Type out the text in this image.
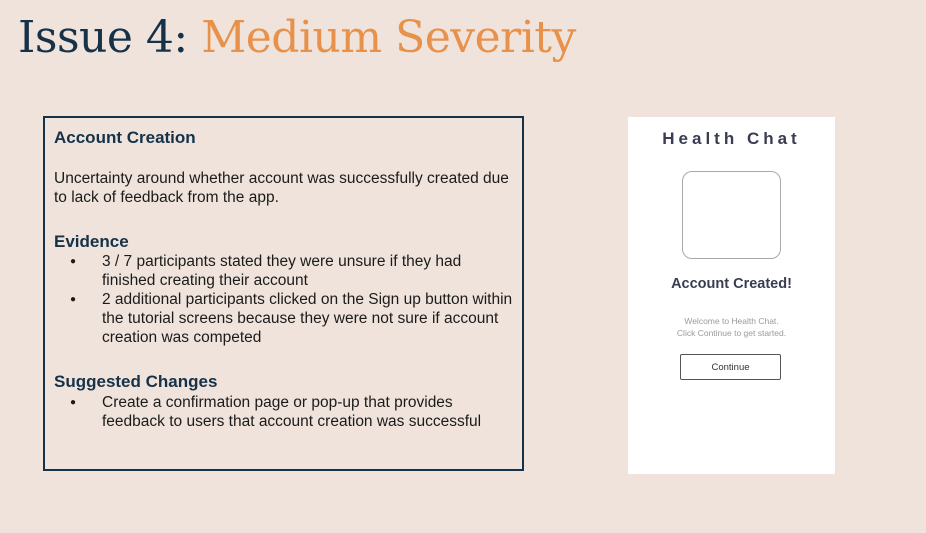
Issue 4: Medium Severity
Account Creation

Uncertainty around whether account was successfully created due to lack of feedback from the app.

Evidence
● 3 / 7 participants stated they were unsure if they had finished creating their account
● 2 additional participants clicked on the Sign up button within the tutorial screens because they were not sure if account creation was competed
Suggested Changes
● Create a confirmation page or pop-up that provides feedback to users that account creation was successful
Health Chat
Account Created!
Welcome to Health Chat.
Click Continue to get started.
Continue
